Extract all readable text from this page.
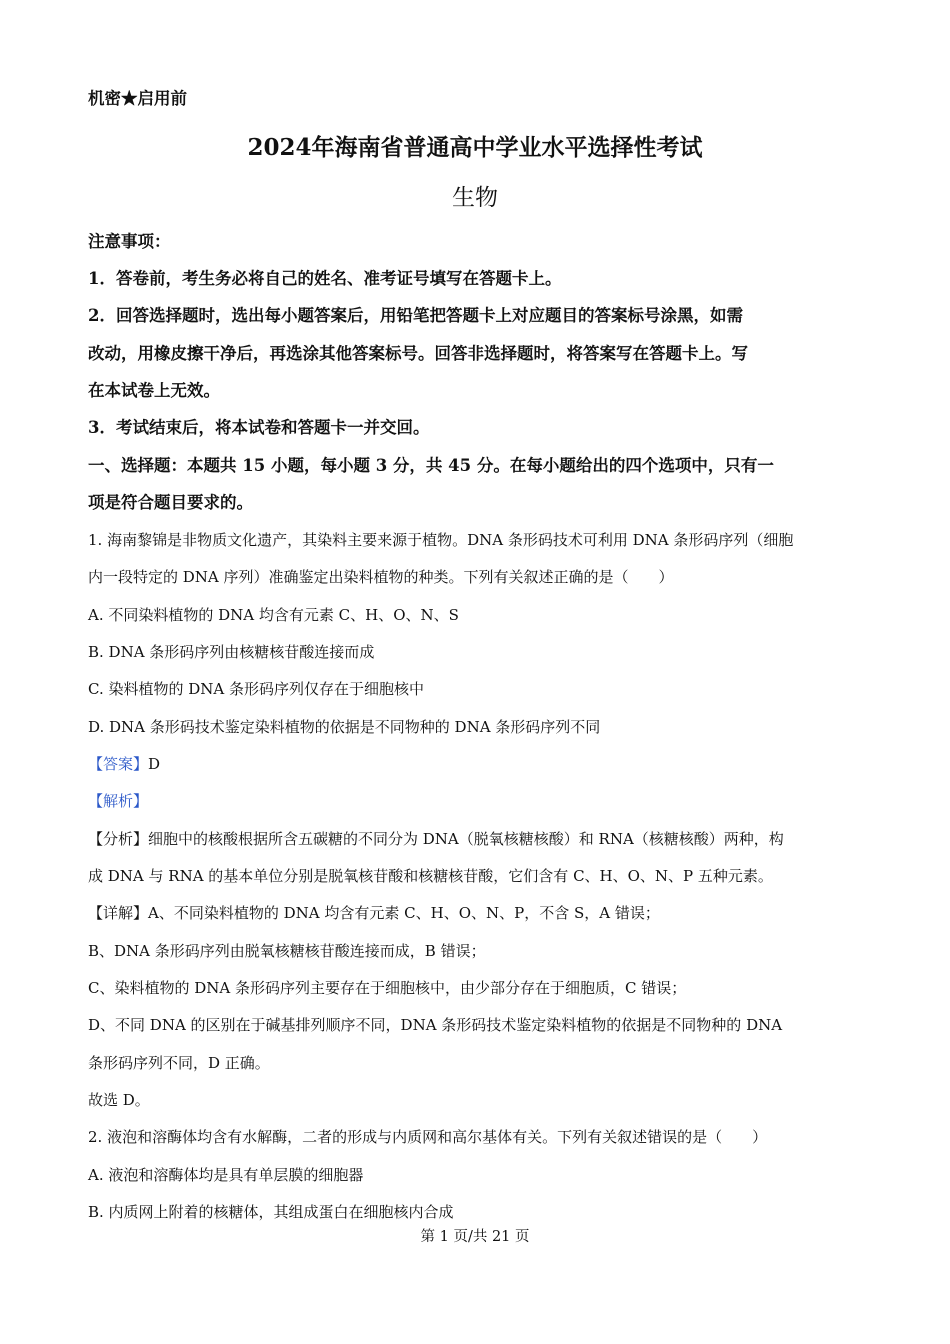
机密★启用前
2024年海南省普通高中学业水平选择性考试
生物
注意事项：
1．答卷前，考生务必将自己的姓名、准考证号填写在答题卡上。
2．回答选择题时，选出每小题答案后，用铅笔把答题卡上对应题目的答案标号涂黑，如需
改动，用橡皮擦干净后，再选涂其他答案标号。回答非选择题时，将答案写在答题卡上。写
在本试卷上无效。
3．考试结束后，将本试卷和答题卡一并交回。
一、选择题：本题共 15 小题，每小题 3 分，共 45 分。在每小题给出的四个选项中，只有一
项是符合题目要求的。
1. 海南黎锦是非物质文化遗产，其染料主要来源于植物。DNA 条形码技术可利用 DNA 条形码序列（细胞
内一段特定的 DNA 序列）准确鉴定出染料植物的种类。下列有关叙述正确的是（　　）
A. 不同染料植物的 DNA 均含有元素 C、H、O、N、S
B. DNA 条形码序列由核糖核苷酸连接而成
C. 染料植物的 DNA 条形码序列仅存在于细胞核中
D. DNA 条形码技术鉴定染料植物的依据是不同物种的 DNA 条形码序列不同
【答案】D
【解析】
【分析】细胞中的核酸根据所含五碳糖的不同分为 DNA（脱氧核糖核酸）和 RNA（核糖核酸）两种，构
成 DNA 与 RNA 的基本单位分别是脱氧核苷酸和核糖核苷酸，它们含有 C、H、O、N、P 五种元素。
【详解】A、不同染料植物的 DNA 均含有元素 C、H、O、N、P，不含 S，A 错误；
B、DNA 条形码序列由脱氧核糖核苷酸连接而成，B 错误；
C、染料植物的 DNA 条形码序列主要存在于细胞核中，由少部分存在于细胞质，C 错误；
D、不同 DNA 的区别在于碱基排列顺序不同，DNA 条形码技术鉴定染料植物的依据是不同物种的 DNA
条形码序列不同，D 正确。
故选 D。
2. 液泡和溶酶体均含有水解酶，二者的形成与内质网和高尔基体有关。下列有关叙述错误的是（　　）
A. 液泡和溶酶体均是具有单层膜的细胞器
B. 内质网上附着的核糖体，其组成蛋白在细胞核内合成
第 1 页/共 21 页
